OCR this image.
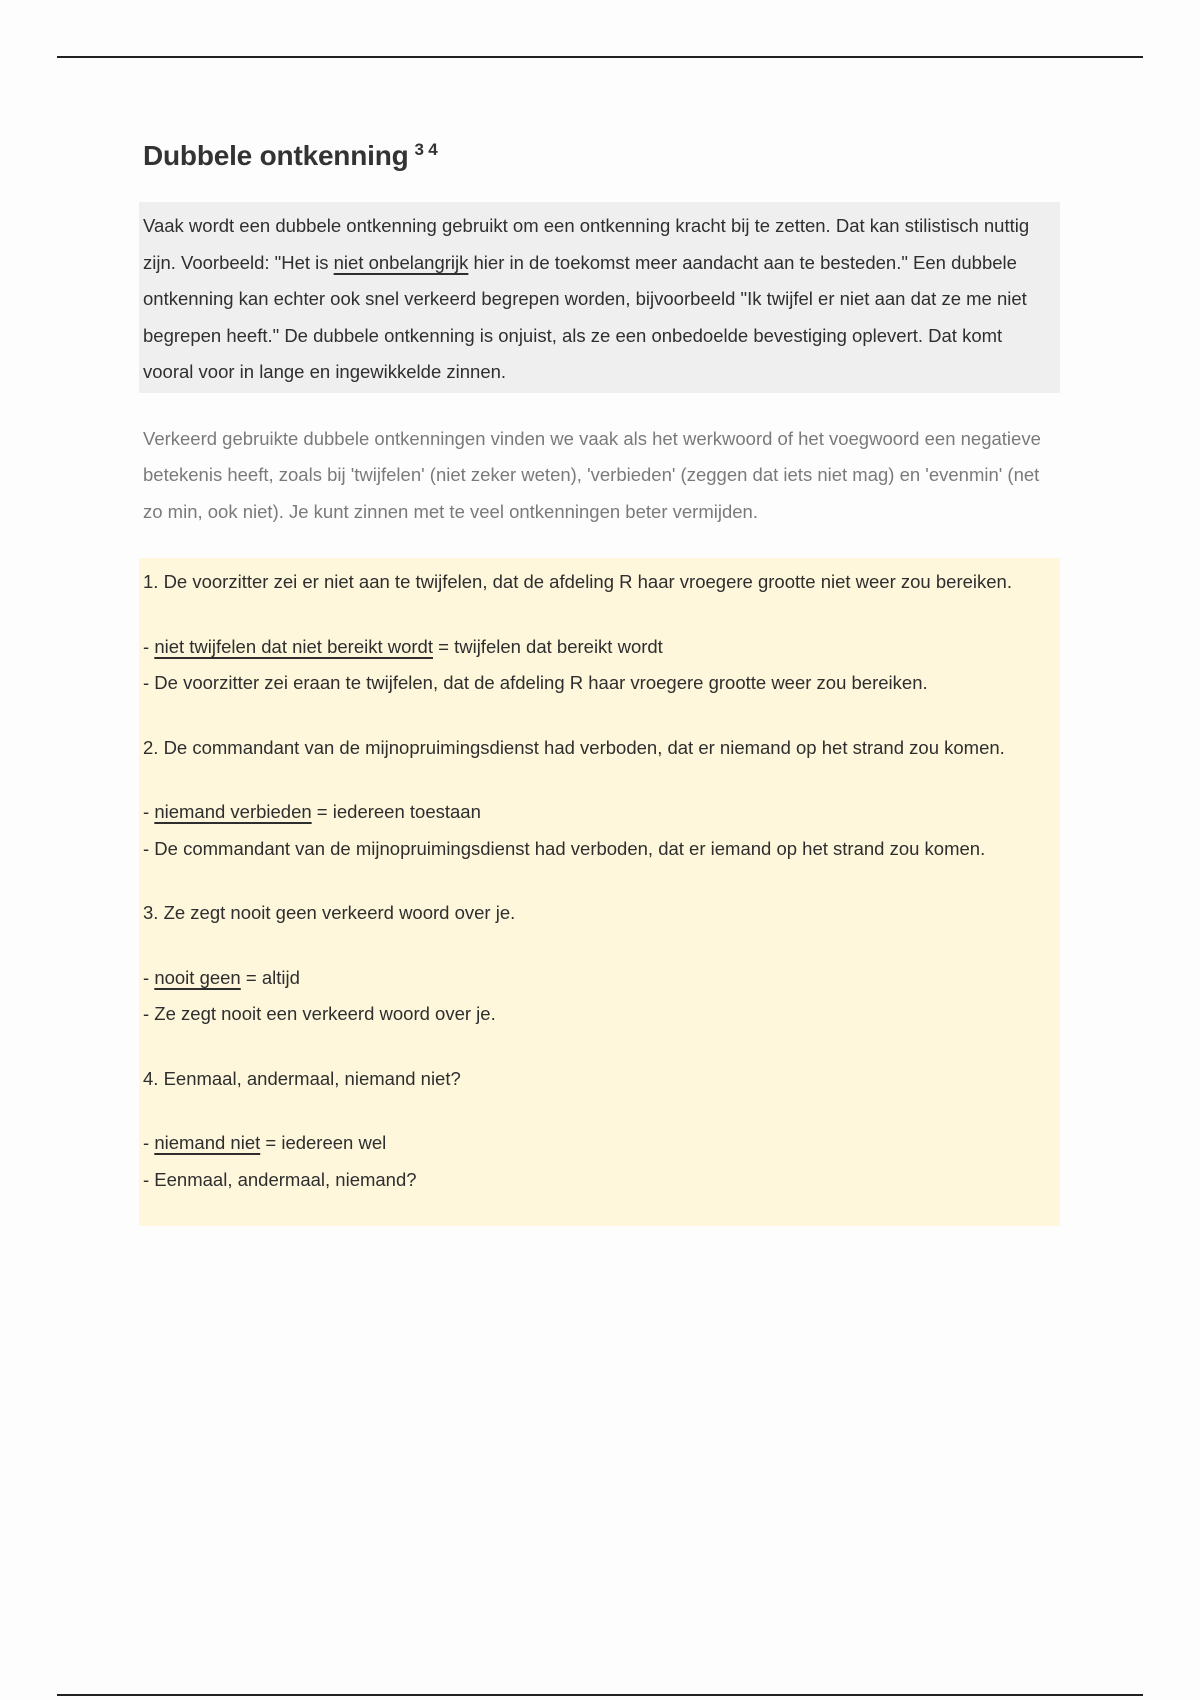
Dubbele ontkenning $^{3 4}$
Vaak wordt een dubbele ontkenning gebruikt om een ontkenning kracht bij te zetten. Dat kan stilistisch nuttig zijn. Voorbeeld: "Het is niet onbelangrijk hier in de toekomst meer aandacht aan te besteden." Een dubbele ontkenning kan echter ook snel verkeerd begrepen worden, bijvoorbeeld "Ik twijfel er niet aan dat ze me niet begrepen heeft." De dubbele ontkenning is onjuist, als ze een onbedoelde bevestiging oplevert. Dat komt vooral voor in lange en ingewikkelde zinnen.
Verkeerd gebruikte dubbele ontkenningen vinden we vaak als het werkwoord of het voegwoord een negatieve betekenis heeft, zoals bij 'twijfelen' (niet zeker weten), 'verbieden' (zeggen dat iets niet mag) en 'evenmin' (net zo min, ook niet). Je kunt zinnen met te veel ontkenningen beter vermijden.

1. De voorzitter zei er niet aan te twijfelen, dat de afdeling R haar vroegere grootte niet weer zou bereiken.

- niet twijfelen dat niet bereikt wordt = twijfelen dat bereikt wordt

- De voorzitter zei eraan te twijfelen, dat de afdeling R haar vroegere grootte weer zou bereiken.

2. De commandant van de mijnopruimingsdienst had verboden, dat er niemand op het strand zou komen.

- niemand verbieden = iedereen toestaan

- De commandant van de mijnopruimingsdienst had verboden, dat er iemand op het strand zou komen.

3. Ze zegt nooit geen verkeerd woord over je.

- nooit geen = altijd

- Ze zegt nooit een verkeerd woord over je.

4. Eenmaal, andermaal, niemand niet?

- niemand niet = iedereen wel

- Eenmaal, andermaal, niemand?
